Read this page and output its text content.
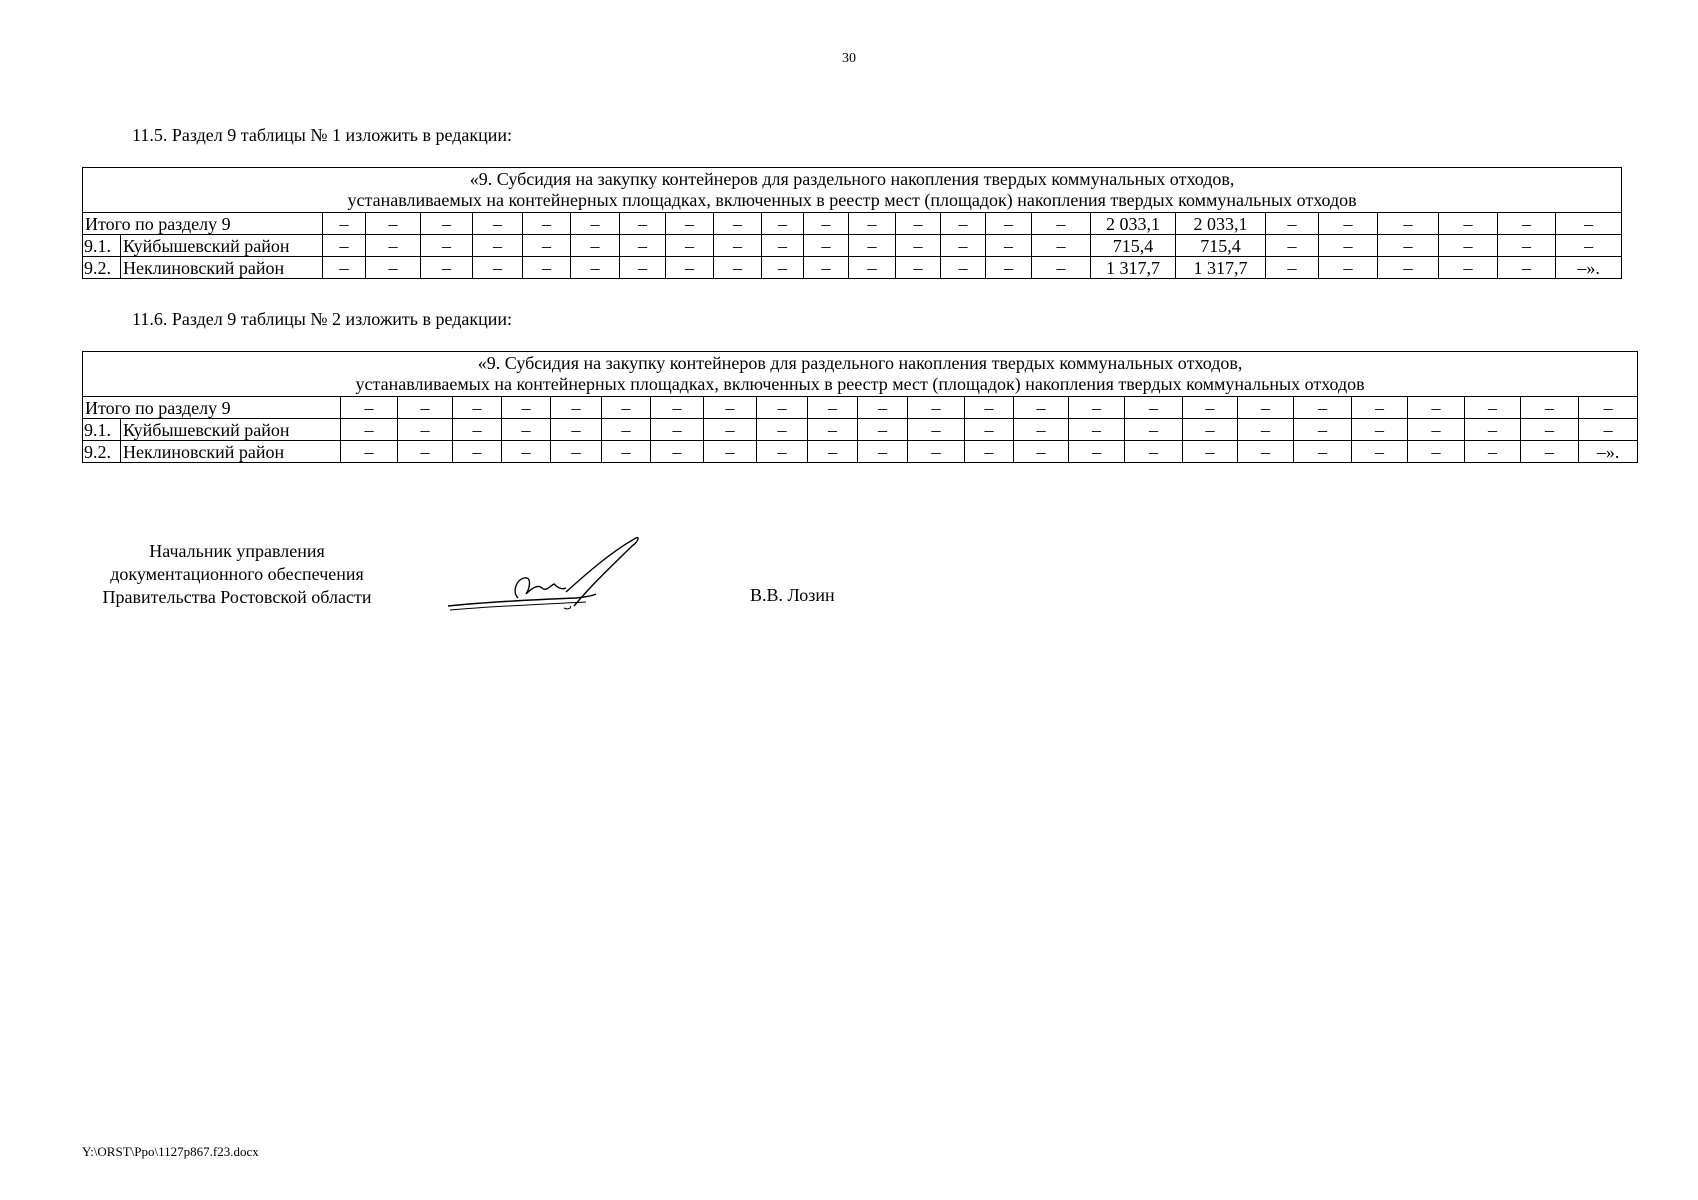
30
11.5. Раздел 9 таблицы № 1 изложить в редакции:
«9. Субсидия на закупку контейнеров для раздельного накопления твердых коммунальных отходов,
устанавливаемых на контейнерных площадках, включенных в реестр мест (площадок) накопления твердых коммунальных отходов																									
Итого по разделу 9		–	–	–	–	–	–	–	–	–	–	–	–	–	–	–	–	2 033,1	2 033,1	–	–	–	–	–	–
9.1.	Куйбышевский район	–	–	–	–	–	–	–	–	–	–	–	–	–	–	–	–	715,4	715,4	–	–	–	–	–	–
9.2.	Неклиновский район	–	–	–	–	–	–	–	–	–	–	–	–	–	–	–	–	1 317,7	1 317,7	–	–	–	–	–	–».
11.6. Раздел 9 таблицы № 2 изложить в редакции:
«9. Субсидия на закупку контейнеров для раздельного накопления твердых коммунальных отходов,
устанавливаемых на контейнерных площадках, включенных в реестр мест (площадок) накопления твердых коммунальных отходов																									
Итого по разделу 9		–	–	–	–	–	–	–	–	–	–	–	–	–	–	–	–	–	–	–	–	–	–	–	–
9.1.	Куйбышевский район	–	–	–	–	–	–	–	–	–	–	–	–	–	–	–	–	–	–	–	–	–	–	–	–
9.2.	Неклиновский район	–	–	–	–	–	–	–	–	–	–	–	–	–	–	–	–	–	–	–	–	–	–	–	–».
Начальник управления
документационного обеспечения
Правительства Ростовской области	В.В. Лозин
Y:\ORST\Ppo\1127p867.f23.docx
